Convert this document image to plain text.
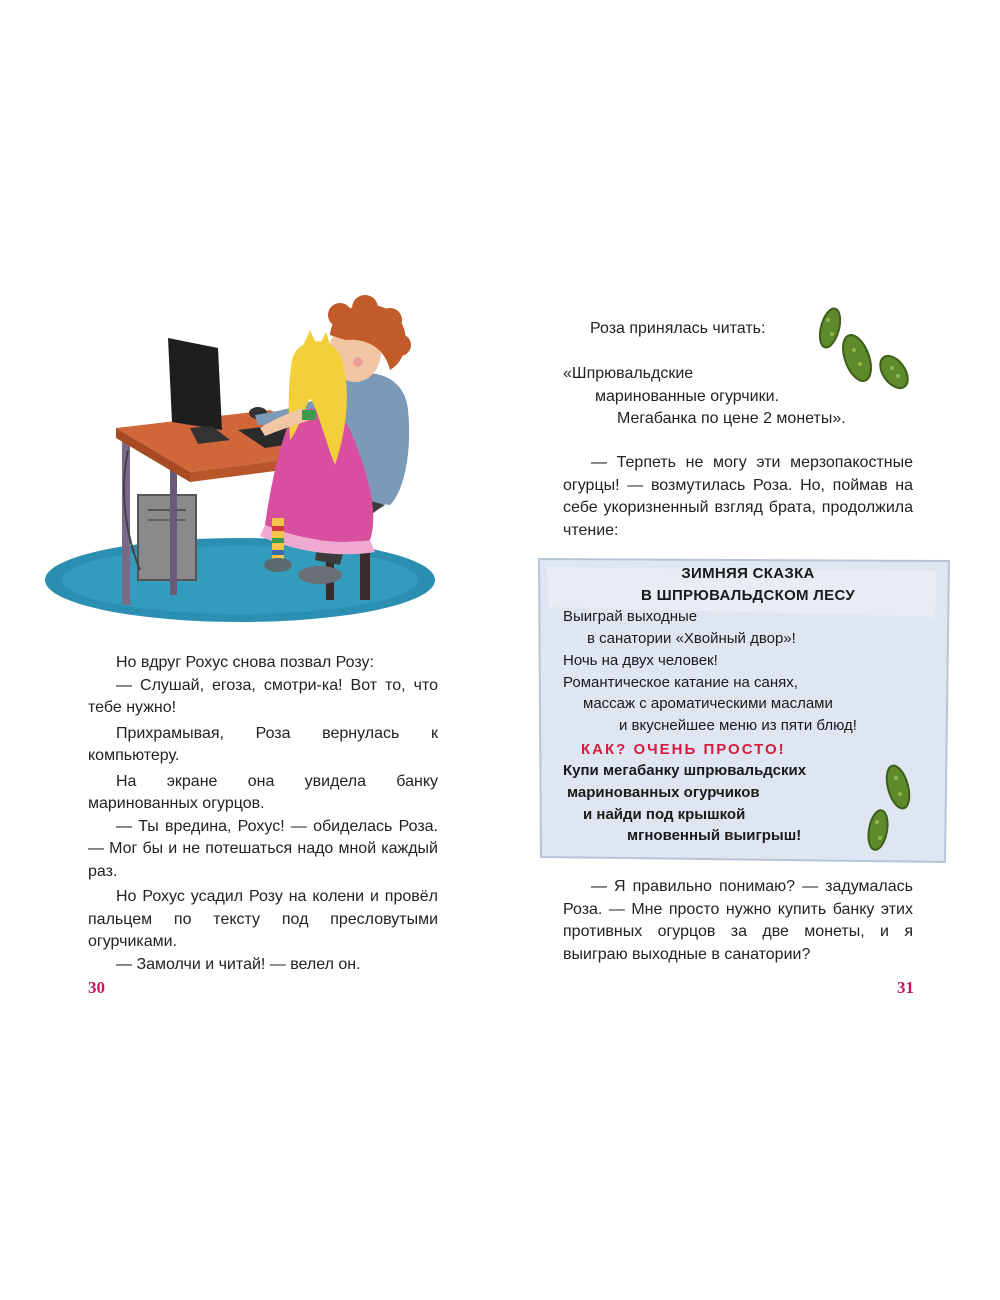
Но вдруг Рохус снова позвал Розу:

— Слушай, егоза, смотри-ка! Вот то, что тебе нужно!

Прихрамывая, Роза вернулась к компьютеру.

На экране она увидела банку маринованных огурцов.

— Ты вредина, Рохус! — обиделась Роза. — Мог бы и не потешаться надо мной каждый раз.

Но Рохус усадил Розу на колени и провёл пальцем по тексту под пресловутыми огурчиками.

— Замолчи и читай! — велел он.

30
Роза принялась читать:
«Шпрювальдские
маринованные огурчики.
Мегабанка по цене 2 монеты».

— Терпеть не могу эти мерзопакостные огурцы! — возмутилась Роза. Но, поймав на себе укоризненный взгляд брата, продолжила чтение:

ЗИМНЯЯ СКАЗКА
В ШПРЮВАЛЬДСКОМ ЛЕСУ
Выиграй выходные
в санатории «Хвойный двор»!
Ночь на двух человек!
Романтическое катание на санях,
массаж с ароматическими маслами
и вкуснейшее меню из пяти блюд!
КАК? ОЧЕНЬ ПРОСТО!
Купи мегабанку шпрювальдских
маринованных огурчиков
и найди под крышкой
мгновенный выигрыш!

— Я правильно понимаю? — задумалась Роза. — Мне просто нужно купить банку этих противных огурцов за две монеты, и я выиграю выходные в санатории?

31
